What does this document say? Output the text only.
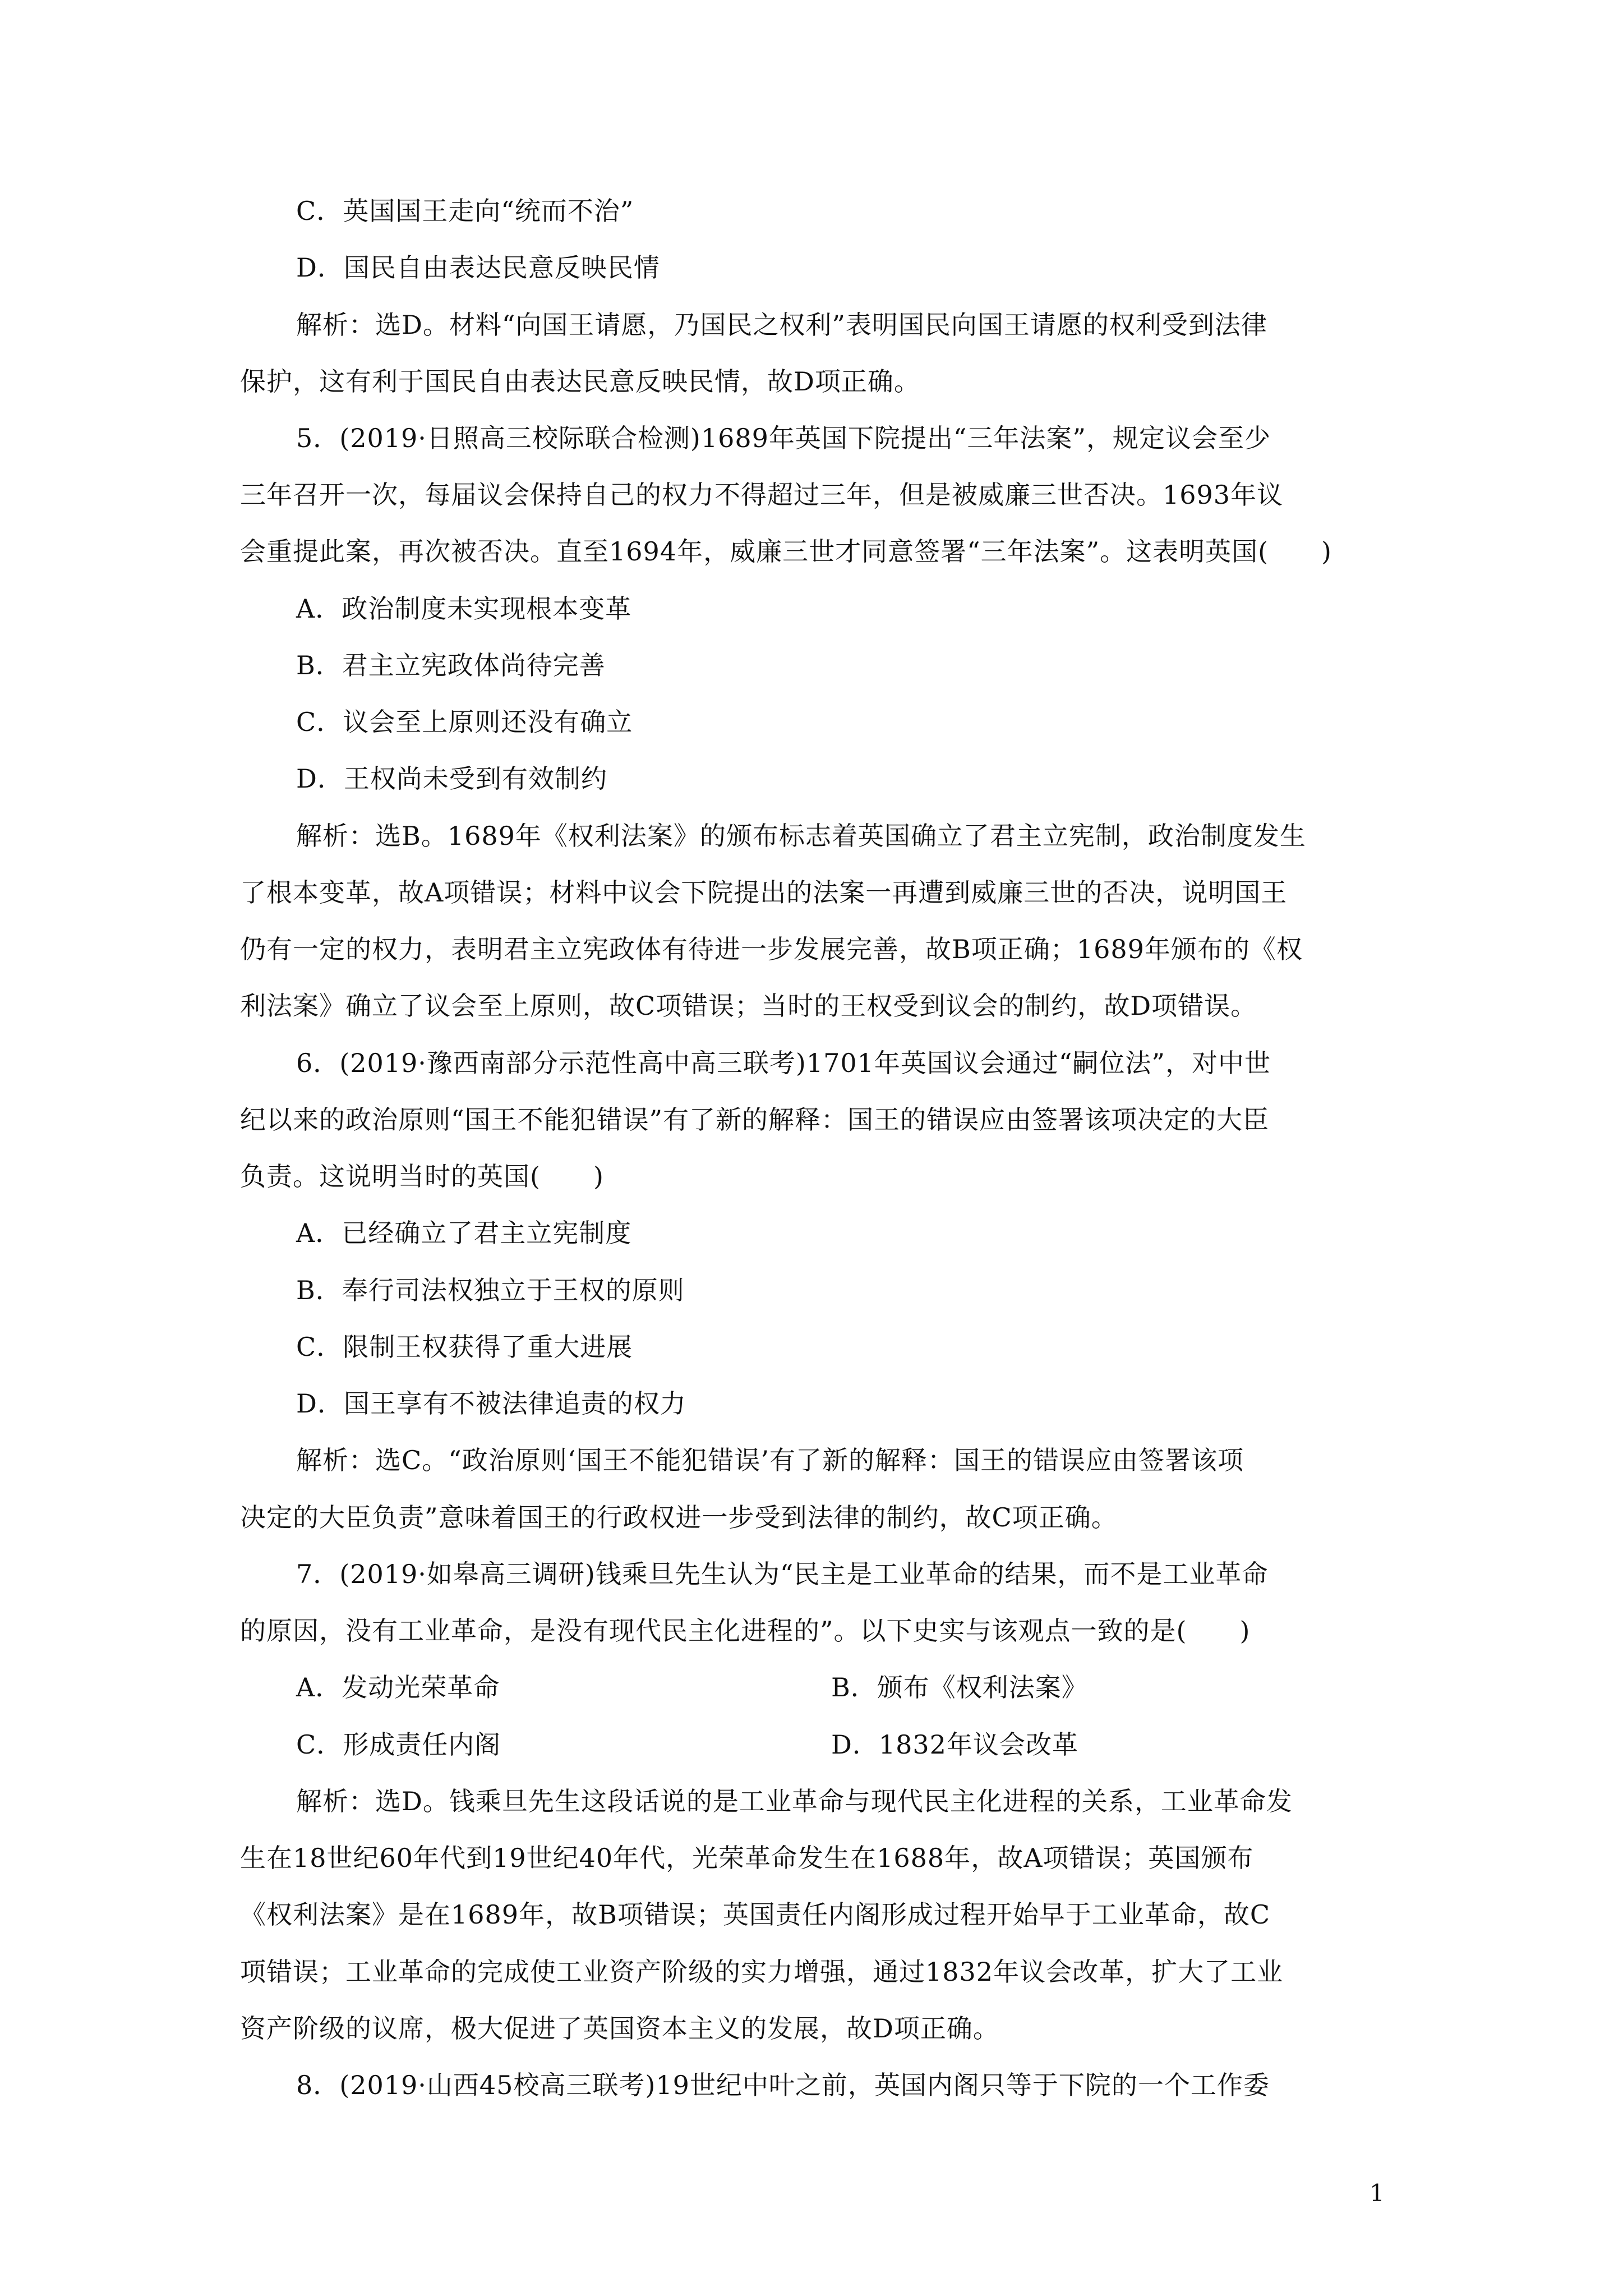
C．英国国王走向“统而不治”
D．国民自由表达民意反映民情
解析：选D。材料“向国王请愿，乃国民之权利”表明国民向国王请愿的权利受到法律
保护，这有利于国民自由表达民意反映民情，故D项正确。
5．(2019·日照高三校际联合检测)1689年英国下院提出“三年法案”，规定议会至少
三年召开一次，每届议会保持自己的权力不得超过三年，但是被威廉三世否决。1693年议
会重提此案，再次被否决。直至1694年，威廉三世才同意签署“三年法案”。这表明英国(　　)
A．政治制度未实现根本变革
B．君主立宪政体尚待完善
C．议会至上原则还没有确立
D．王权尚未受到有效制约
解析：选B。1689年《权利法案》的颁布标志着英国确立了君主立宪制，政治制度发生
了根本变革，故A项错误；材料中议会下院提出的法案一再遭到威廉三世的否决，说明国王
仍有一定的权力，表明君主立宪政体有待进一步发展完善，故B项正确；1689年颁布的《权
利法案》确立了议会至上原则，故C项错误；当时的王权受到议会的制约，故D项错误。
6．(2019·豫西南部分示范性高中高三联考)1701年英国议会通过“嗣位法”，对中世
纪以来的政治原则“国王不能犯错误”有了新的解释：国王的错误应由签署该项决定的大臣
负责。这说明当时的英国(　　)
A．已经确立了君主立宪制度
B．奉行司法权独立于王权的原则
C．限制王权获得了重大进展
D．国王享有不被法律追责的权力
解析：选C。“政治原则‘国王不能犯错误’有了新的解释：国王的错误应由签署该项
决定的大臣负责”意味着国王的行政权进一步受到法律的制约，故C项正确。
7．(2019·如皋高三调研)钱乘旦先生认为“民主是工业革命的结果，而不是工业革命
的原因，没有工业革命，是没有现代民主化进程的”。以下史实与该观点一致的是(　　)
A．发动光荣革命	B．颁布《权利法案》
C．形成责任内阁	D．1832年议会改革
解析：选D。钱乘旦先生这段话说的是工业革命与现代民主化进程的关系，工业革命发
生在18世纪60年代到19世纪40年代，光荣革命发生在1688年，故A项错误；英国颁布
《权利法案》是在1689年，故B项错误；英国责任内阁形成过程开始早于工业革命，故C
项错误；工业革命的完成使工业资产阶级的实力增强，通过1832年议会改革，扩大了工业
资产阶级的议席，极大促进了英国资本主义的发展，故D项正确。
8．(2019·山西45校高三联考)19世纪中叶之前，英国内阁只等于下院的一个工作委
1
